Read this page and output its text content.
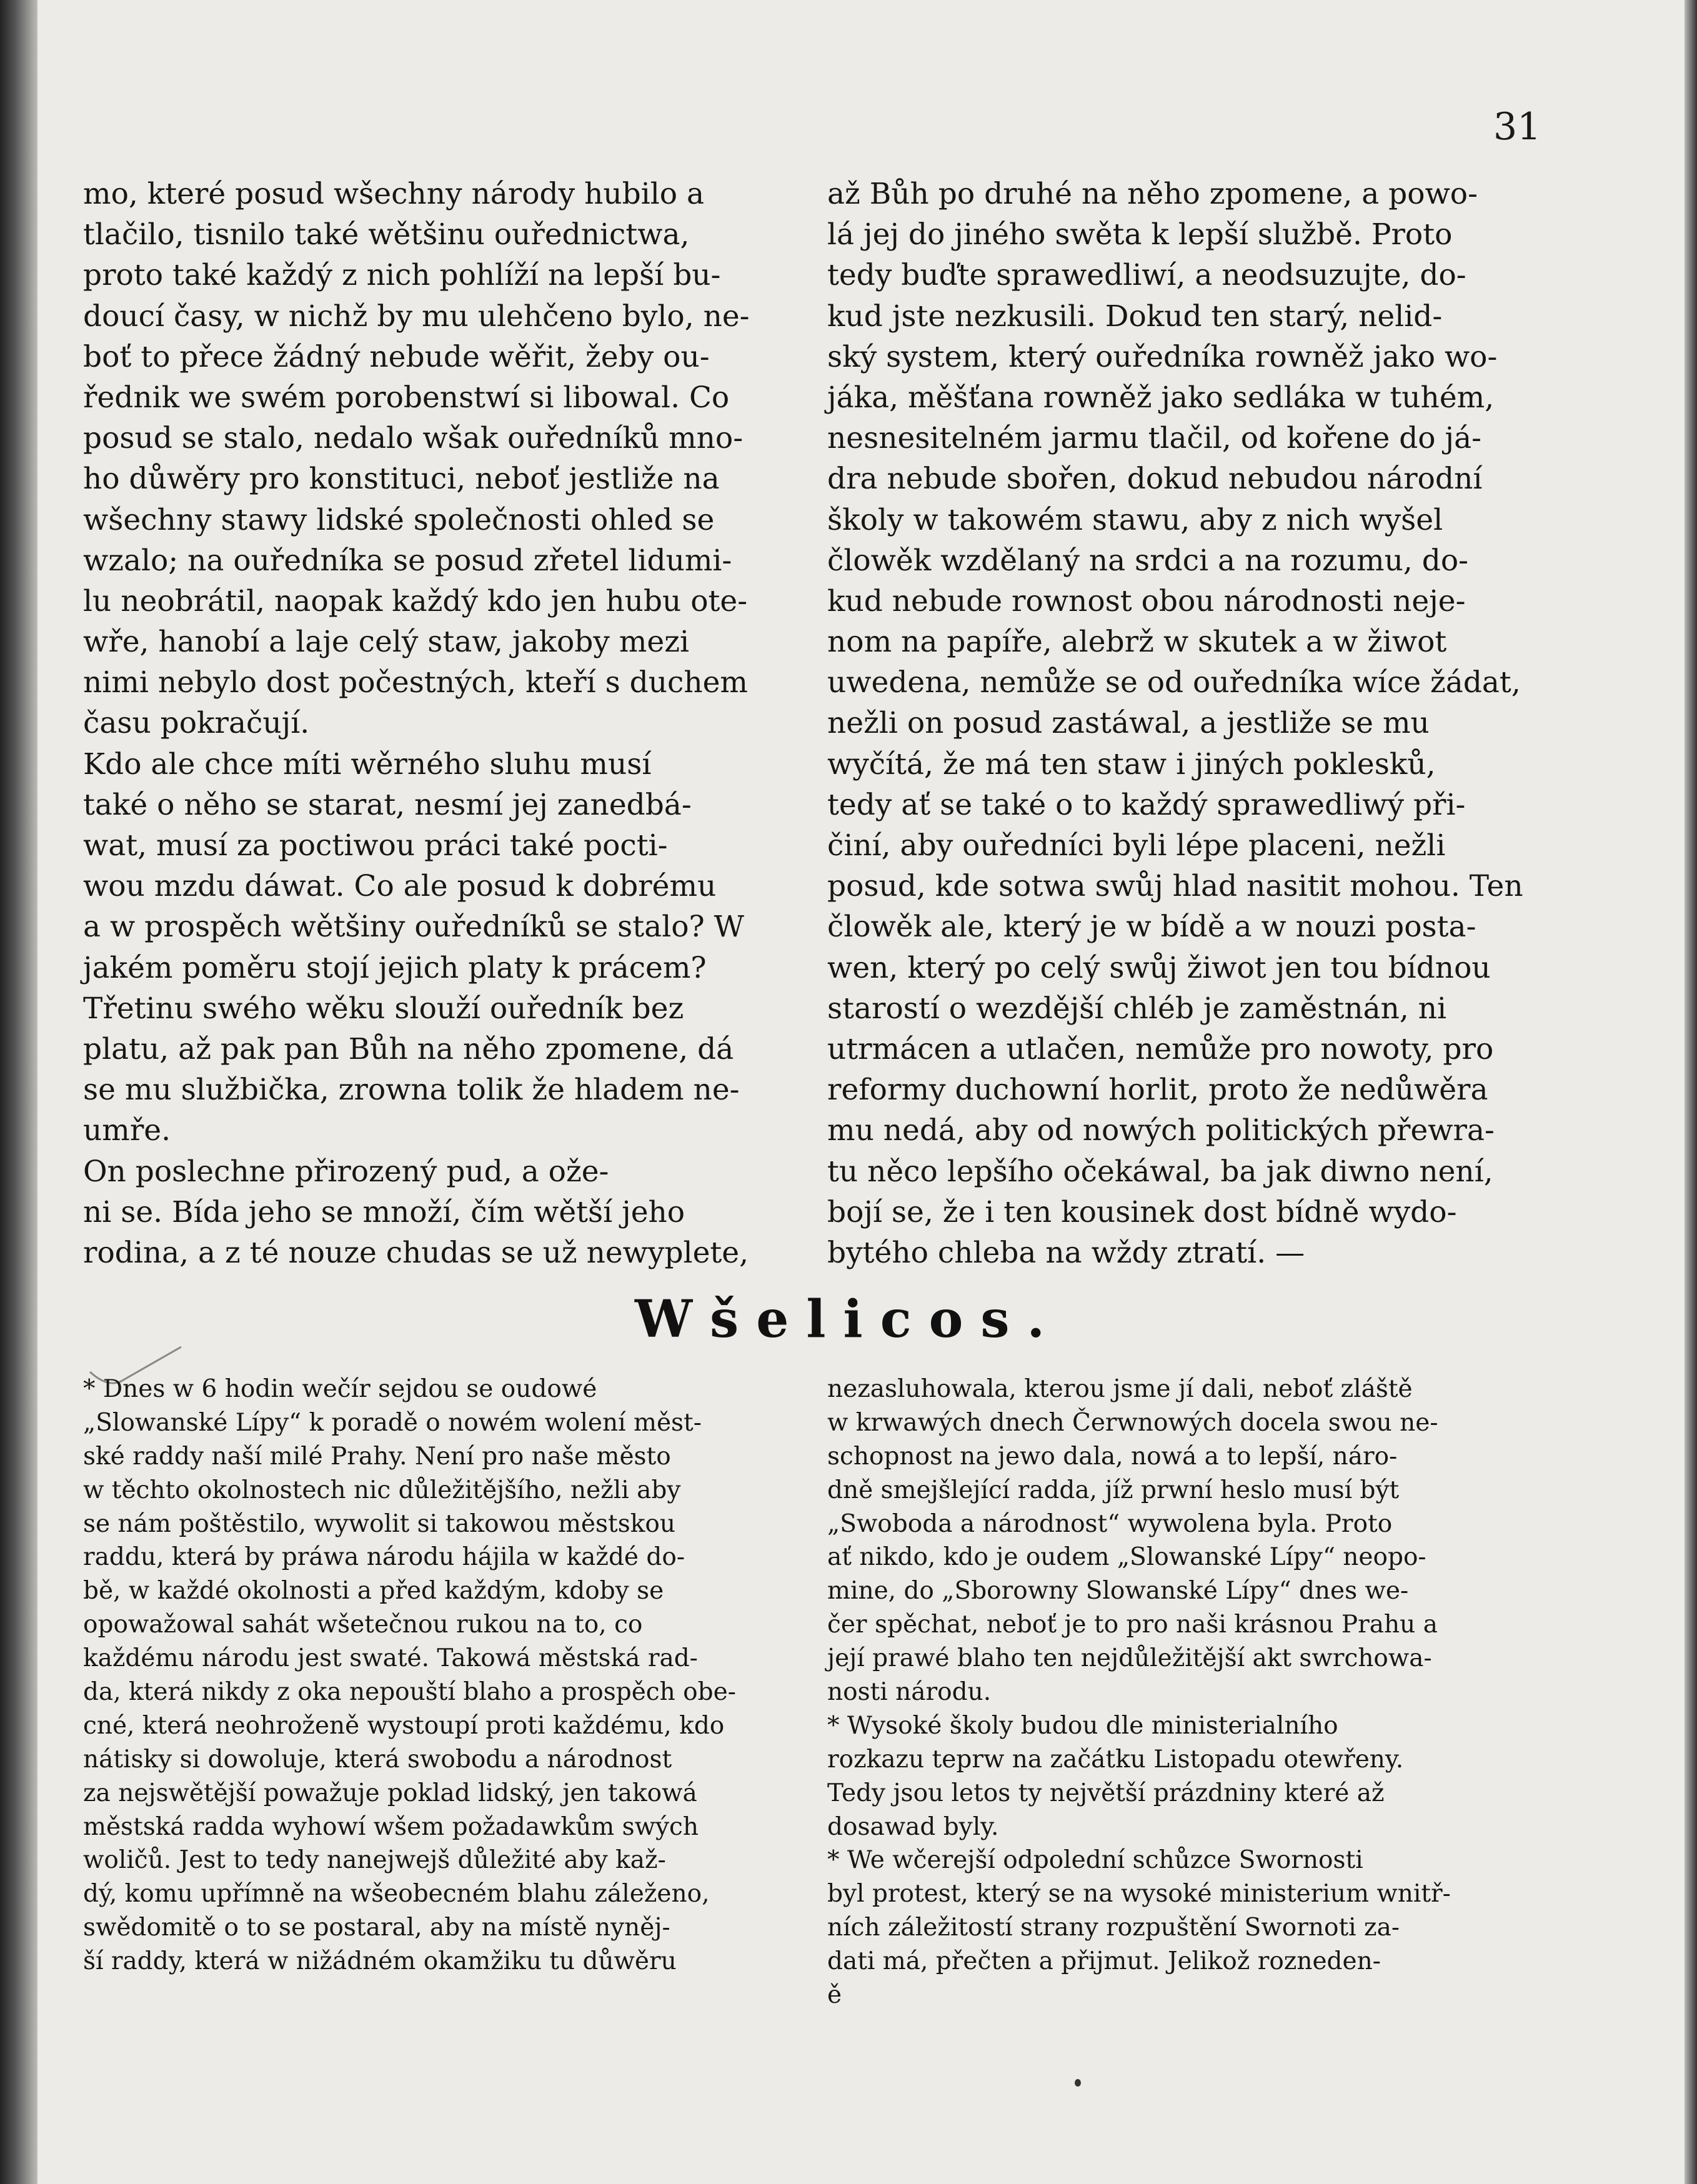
31
mo, které posud wšechny národy hubilo a
tlačilo, tisnilo také wětšinu ouřednictwa,
proto také každý z nich pohlíží na lepší bu-
doucí časy, w nichž by mu ulehčeno bylo, ne-
boť to přece žádný nebude wěřit, žeby ou-
řednik we swém porobenstwí si libowal. Co
posud se stalo, nedalo wšak ouředníků mno-
ho důwěry pro konstituci, neboť jestliže na
wšechny stawy lidské společnosti ohled se
wzalo; na ouředníka se posud zřetel lidumi-
lu neobrátil, naopak každý kdo jen hubu ote-
wře, hanobí a laje celý staw, jakoby mezi
nimi nebylo dost počestných, kteří s duchem
času pokračují.
Kdo ale chce míti wěrného sluhu musí
také o něho se starat, nesmí jej zanedbá-
wat, musí za poctiwou práci také pocti-
wou mzdu dáwat. Co ale posud k dobrému
a w prospěch wětšiny ouředníků se stalo? W
jakém poměru stojí jejich platy k prácem?
Třetinu swého wěku slouží ouředník bez
platu, až pak pan Bůh na něho zpomene, dá
se mu službička, zrowna tolik že hladem ne-
umře.
On poslechne přirozený pud, a ože-
ni se. Bída jeho se množí, čím wětší jeho
rodina, a z té nouze chudas se už newyplete,
až Bůh po druhé na něho zpomene, a powo-
lá jej do jiného swěta k lepší službě. Proto
tedy buďte sprawedliwí, a neodsuzujte, do-
kud jste nezkusili. Dokud ten starý, nelid-
ský system, který ouředníka rowněž jako wo-
jáka, měšťana rowněž jako sedláka w tuhém,
nesnesitelném jarmu tlačil, od kořene do já-
dra nebude sbořen, dokud nebudou národní
školy w takowém stawu, aby z nich wyšel
člowěk wzdělaný na srdci a na rozumu, do-
kud nebude rownost obou národnosti neje-
nom na papíře, alebrž w skutek a w žiwot
uwedena, nemůže se od ouředníka wíce žádat,
nežli on posud zastáwal, a jestliže se mu
wyčítá, že má ten staw i jiných poklesků,
tedy ať se také o to každý sprawedliwý při-
činí, aby ouředníci byli lépe placeni, nežli
posud, kde sotwa swůj hlad nasitit mohou. Ten
člowěk ale, který je w bídě a w nouzi posta-
wen, který po celý swůj žiwot jen tou bídnou
starostí o wezdější chléb je zaměstnán, ni
utrmácen a utlačen, nemůže pro nowoty, pro
reformy duchowní horlit, proto že nedůwěra
mu nedá, aby od nowých politických přewra-
tu něco lepšího očekáwal, ba jak diwno není,
bojí se, že i ten kousinek dost bídně wydo-
bytého chleba na wždy ztratí. —
Wšelicos.
* Dnes w 6 hodin wečír sejdou se oudowé
„Slowanské Lípy“ k poradě o nowém wolení měst-
ské raddy naší milé Prahy. Není pro naše město
w těchto okolnostech nic důležitějšího, nežli aby
se nám poštěstilo, wywolit si takowou městskou
raddu, která by práwa národu hájila w každé do-
bě, w každé okolnosti a před každým, kdoby se
opowažowal sahát wšetečnou rukou na to, co
každému národu jest swaté. Takowá městská rad-
da, která nikdy z oka nepouští blaho a prospěch obe-
cné, která neohroženě wystoupí proti každému, kdo
nátisky si dowoluje, která swobodu a národnost
za nejswětější powažuje poklad lidský, jen takowá
městská radda wyhowí wšem požadawkům swých
woličů. Jest to tedy nanejwejš důležité aby kaž-
dý, komu upřímně na wšeobecném blahu záleženo,
swědomitě o to se postaral, aby na místě nyněj-
ší raddy, která w nižádném okamžiku tu důwěru
nezasluhowala, kterou jsme jí dali, neboť zláště
w krwawých dnech Čerwnowých docela swou ne-
schopnost na jewo dala, nowá a to lepší, náro-
dně smejšlející radda, jíž prwní heslo musí být
„Swoboda a národnost“ wywolena byla. Proto
ať nikdo, kdo je oudem „Slowanské Lípy“ neopo-
mine, do „Sborowny Slowanské Lípy“ dnes we-
čer spěchat, neboť je to pro naši krásnou Prahu a
její prawé blaho ten nejdůležitější akt swrchowa-
nosti národu.
* Wysoké školy budou dle ministerialního
rozkazu teprw na začátku Listopadu otewřeny.
Tedy jsou letos ty největší prázdniny které až
dosawad byly.
* We wčerejší odpolední schůzce Swornosti
byl protest, který se na wysoké ministerium wnitř-
ních záležitostí strany rozpuštění Swornoti za-
dati má, přečten a přijmut. Jelikož rozneden-
ě
